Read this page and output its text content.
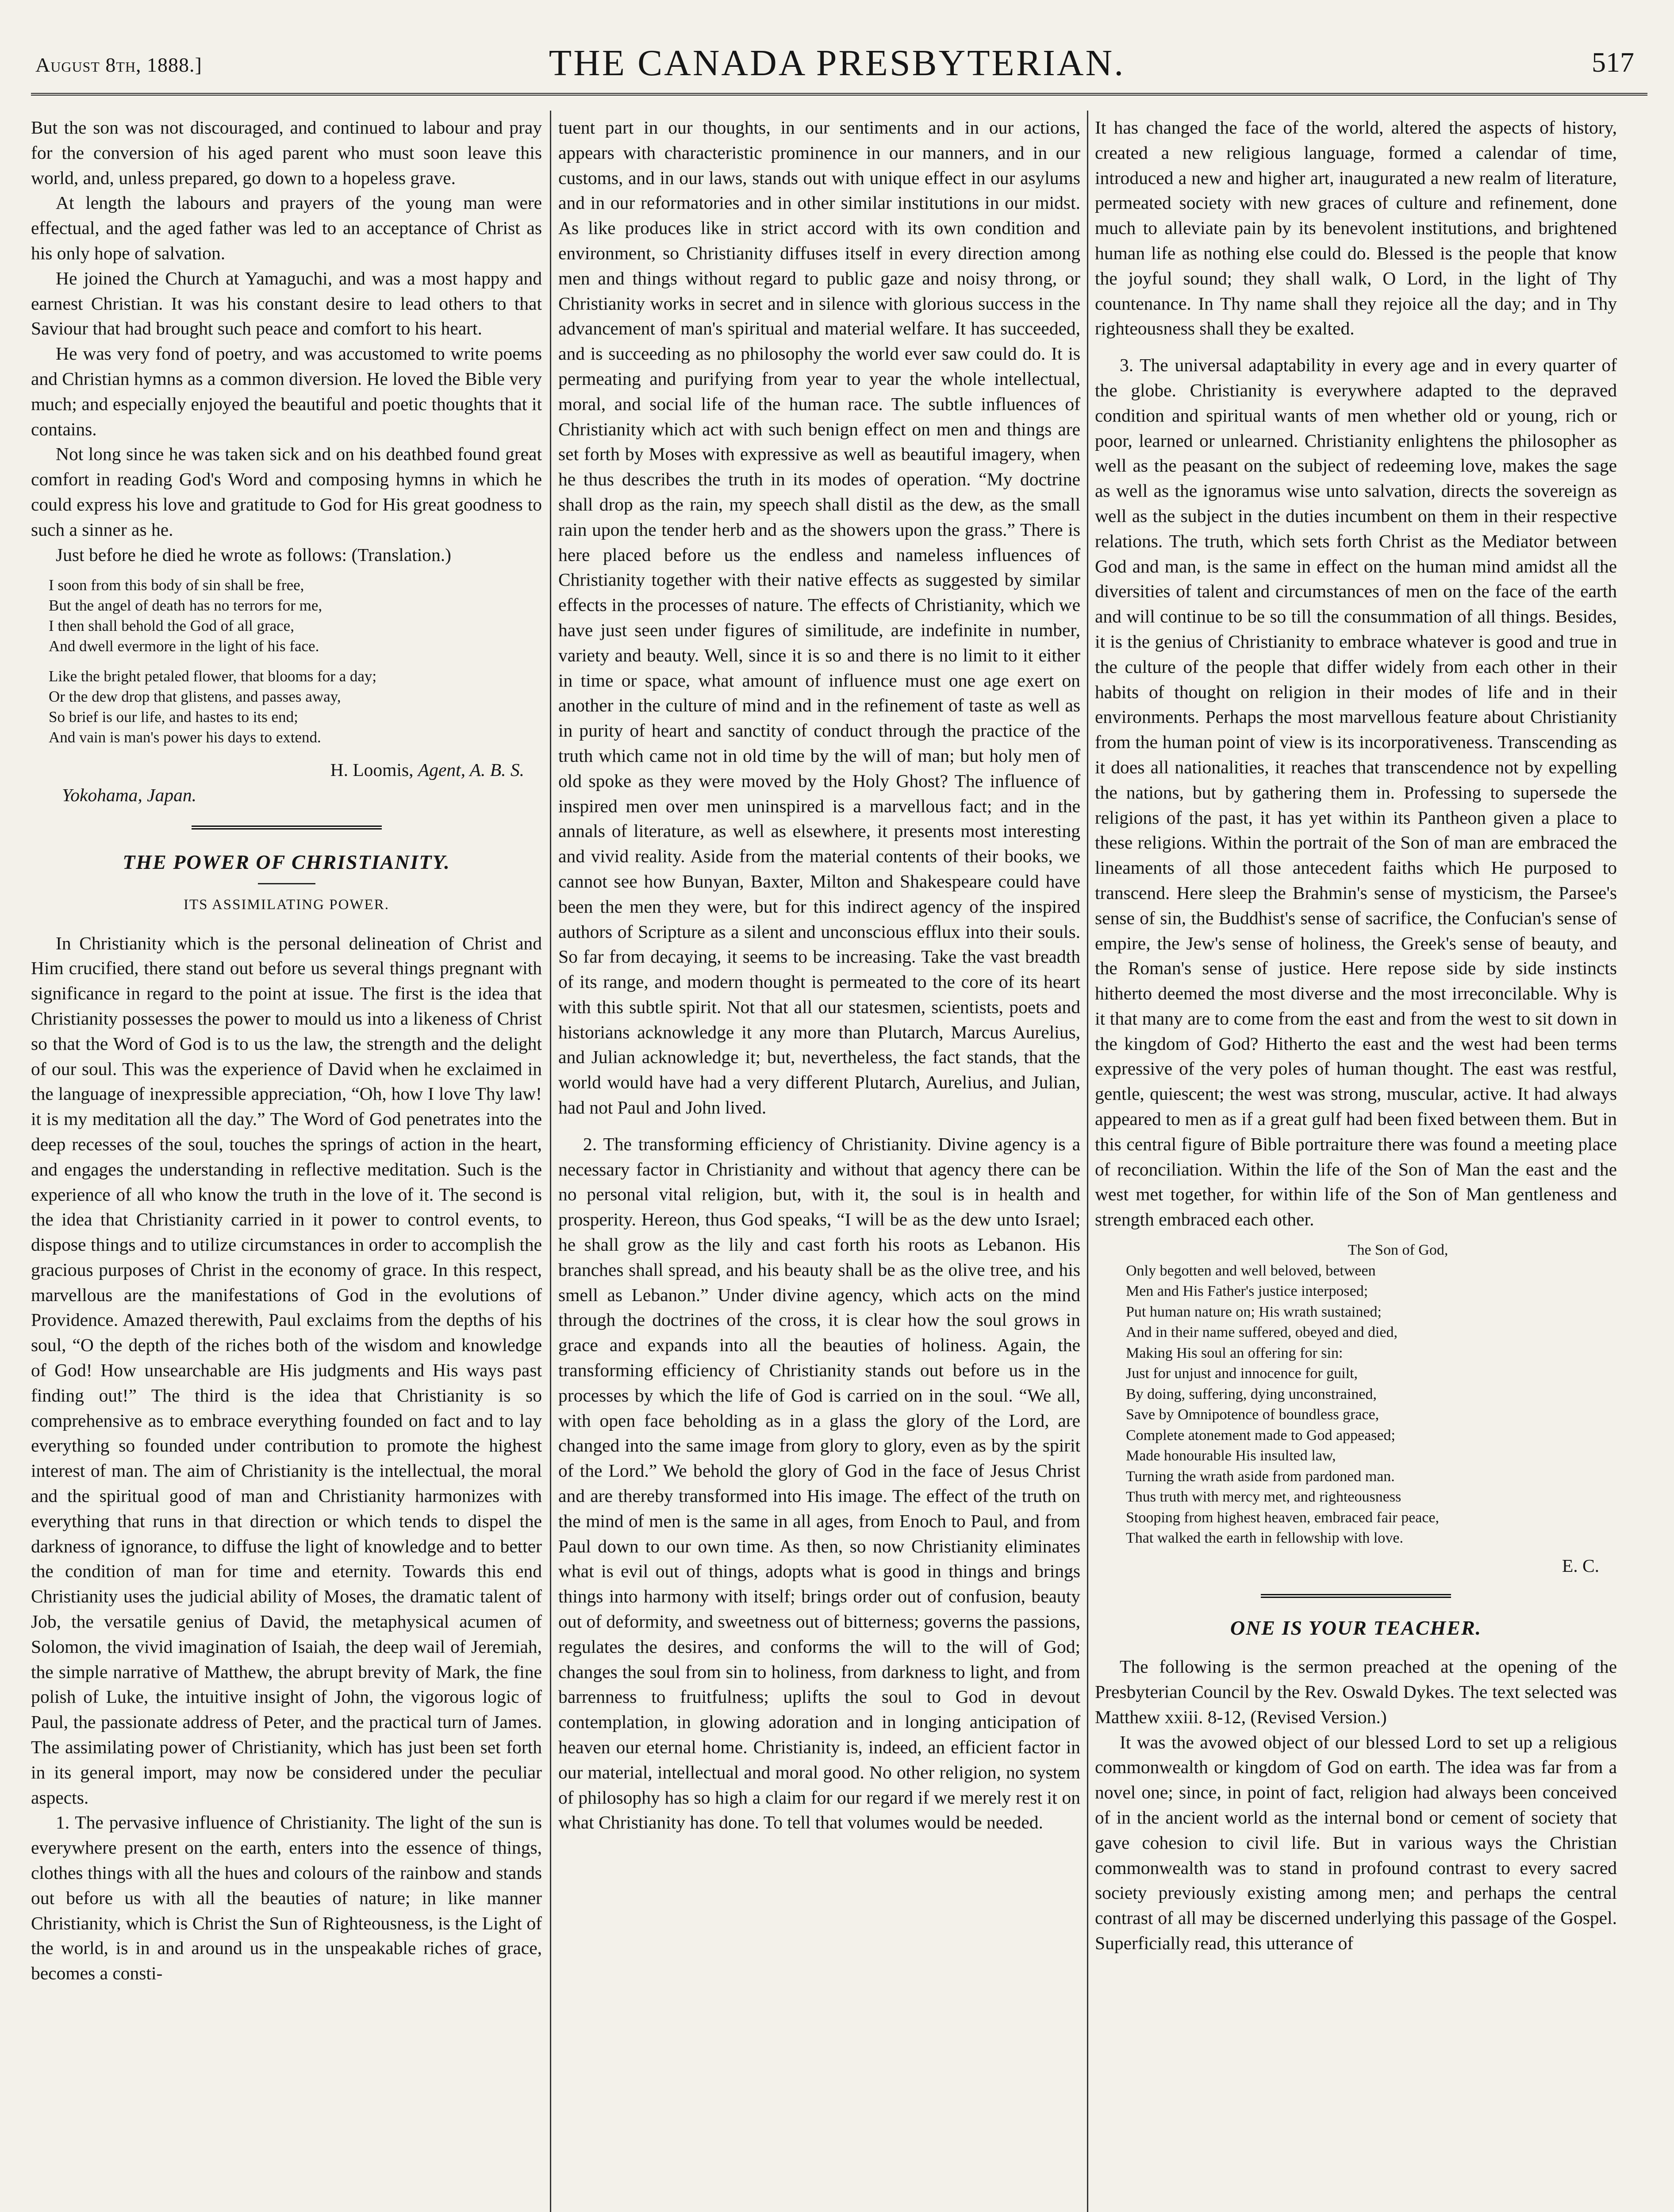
August 8th, 1888.]	THE CANADA PRESBYTERIAN.	517

But the son was not discouraged, and continued to labour and pray for the conversion of his aged parent who must soon leave this world, and, unless prepared, go down to a hopeless grave.

At length the labours and prayers of the young man were effectual, and the aged father was led to an acceptance of Christ as his only hope of salvation.

He joined the Church at Yamaguchi, and was a most happy and earnest Christian. It was his constant desire to lead others to that Saviour that had brought such peace and comfort to his heart.

He was very fond of poetry, and was accustomed to write poems and Christian hymns as a common diversion. He loved the Bible very much; and especially enjoyed the beautiful and poetic thoughts that it contains.

Not long since he was taken sick and on his deathbed found great comfort in reading God's Word and composing hymns in which he could express his love and gratitude to God for His great goodness to such a sinner as he.

Just before he died he wrote as follows: (Translation.)

I soon from this body of sin shall be free,
But the angel of death has no terrors for me,
I then shall behold the God of all grace,
And dwell evermore in the light of his face.
Like the bright petaled flower, that blooms for a day;
Or the dew drop that glistens, and passes away,
So brief is our life, and hastes to its end;
And vain is man's power his days to extend.
H. Loomis, Agent, A. B. S.
Yokohama, Japan.
THE POWER OF CHRISTIANITY.
ITS ASSIMILATING POWER.

In Christianity which is the personal delineation of Christ and Him crucified, there stand out before us several things pregnant with significance in regard to the point at issue. The first is the idea that Christianity possesses the power to mould us into a likeness of Christ so that the Word of God is to us the law, the strength and the delight of our soul. This was the experience of David when he exclaimed in the language of inexpressible appreciation, “Oh, how I love Thy law! it is my meditation all the day.” The Word of God penetrates into the deep recesses of the soul, touches the springs of action in the heart, and engages the understanding in reflective meditation. Such is the experience of all who know the truth in the love of it. The second is the idea that Christianity carried in it power to control events, to dispose things and to utilize circumstances in order to accomplish the gracious purposes of Christ in the economy of grace. In this respect, marvellous are the manifestations of God in the evolutions of Providence. Amazed therewith, Paul exclaims from the depths of his soul, “O the depth of the riches both of the wisdom and knowledge of God! How unsearchable are His judgments and His ways past finding out!” The third is the idea that Christianity is so comprehensive as to embrace everything founded on fact and to lay everything so founded under contribution to promote the highest interest of man. The aim of Christianity is the intellectual, the moral and the spiritual good of man and Christianity harmonizes with everything that runs in that direction or which tends to dispel the darkness of ignorance, to diffuse the light of knowledge and to better the condition of man for time and eternity. Towards this end Christianity uses the judicial ability of Moses, the dramatic talent of Job, the versatile genius of David, the metaphysical acumen of Solomon, the vivid imagination of Isaiah, the deep wail of Jeremiah, the simple narrative of Matthew, the abrupt brevity of Mark, the fine polish of Luke, the intuitive insight of John, the vigorous logic of Paul, the passionate address of Peter, and the practical turn of James. The assimilating power of Christianity, which has just been set forth in its general import, may now be considered under the peculiar aspects.

1. The pervasive influence of Christianity. The light of the sun is everywhere present on the earth, enters into the essence of things, clothes things with all the hues and colours of the rainbow and stands out before us with all the beauties of nature; in like manner Christianity, which is Christ the Sun of Righteousness, is the Light of the world, is in and around us in the unspeakable riches of grace, becomes a consti-

tuent part in our thoughts, in our sentiments and in our actions, appears with characteristic prominence in our manners, and in our customs, and in our laws, stands out with unique effect in our asylums and in our reformatories and in other similar institutions in our midst. As like produces like in strict accord with its own condition and environment, so Christianity diffuses itself in every direction among men and things without regard to public gaze and noisy throng, or Christianity works in secret and in silence with glorious success in the advancement of man's spiritual and material welfare. It has succeeded, and is succeeding as no philosophy the world ever saw could do. It is permeating and purifying from year to year the whole intellectual, moral, and social life of the human race. The subtle influences of Christianity which act with such benign effect on men and things are set forth by Moses with expressive as well as beautiful imagery, when he thus describes the truth in its modes of operation. “My doctrine shall drop as the rain, my speech shall distil as the dew, as the small rain upon the tender herb and as the showers upon the grass.” There is here placed before us the endless and nameless influences of Christianity together with their native effects as suggested by similar effects in the processes of nature. The effects of Christianity, which we have just seen under figures of similitude, are indefinite in number, variety and beauty. Well, since it is so and there is no limit to it either in time or space, what amount of influence must one age exert on another in the culture of mind and in the refinement of taste as well as in purity of heart and sanctity of conduct through the practice of the truth which came not in old time by the will of man; but holy men of old spoke as they were moved by the Holy Ghost? The influence of inspired men over men uninspired is a marvellous fact; and in the annals of literature, as well as elsewhere, it presents most interesting and vivid reality. Aside from the material contents of their books, we cannot see how Bunyan, Baxter, Milton and Shakespeare could have been the men they were, but for this indirect agency of the inspired authors of Scripture as a silent and unconscious efflux into their souls. So far from decaying, it seems to be increasing. Take the vast breadth of its range, and modern thought is permeated to the core of its heart with this subtle spirit. Not that all our statesmen, scientists, poets and historians acknowledge it any more than Plutarch, Marcus Aurelius, and Julian acknowledge it; but, nevertheless, the fact stands, that the world would have had a very different Plutarch, Aurelius, and Julian, had not Paul and John lived.

2. The transforming efficiency of Christianity. Divine agency is a necessary factor in Christianity and without that agency there can be no personal vital religion, but, with it, the soul is in health and prosperity. Hereon, thus God speaks, “I will be as the dew unto Israel; he shall grow as the lily and cast forth his roots as Lebanon. His branches shall spread, and his beauty shall be as the olive tree, and his smell as Lebanon.” Under divine agency, which acts on the mind through the doctrines of the cross, it is clear how the soul grows in grace and expands into all the beauties of holiness. Again, the transforming efficiency of Christianity stands out before us in the processes by which the life of God is carried on in the soul. “We all, with open face beholding as in a glass the glory of the Lord, are changed into the same image from glory to glory, even as by the spirit of the Lord.” We behold the glory of God in the face of Jesus Christ and are thereby transformed into His image. The effect of the truth on the mind of men is the same in all ages, from Enoch to Paul, and from Paul down to our own time. As then, so now Christianity eliminates what is evil out of things, adopts what is good in things and brings things into harmony with itself; brings order out of confusion, beauty out of deformity, and sweetness out of bitterness; governs the passions, regulates the desires, and conforms the will to the will of God; changes the soul from sin to holiness, from darkness to light, and from barrenness to fruitfulness; uplifts the soul to God in devout contemplation, in glowing adoration and in longing anticipation of heaven our eternal home. Christianity is, indeed, an efficient factor in our material, intellectual and moral good. No other religion, no system of philosophy has so high a claim for our regard if we merely rest it on what Christianity has done. To tell that volumes would be needed.

It has changed the face of the world, altered the aspects of history, created a new religious language, formed a calendar of time, introduced a new and higher art, inaugurated a new realm of literature, permeated society with new graces of culture and refinement, done much to alleviate pain by its benevolent institutions, and brightened human life as nothing else could do. Blessed is the people that know the joyful sound; they shall walk, O Lord, in the light of Thy countenance. In Thy name shall they rejoice all the day; and in Thy righteousness shall they be exalted.

3. The universal adaptability in every age and in every quarter of the globe. Christianity is everywhere adapted to the depraved condition and spiritual wants of men whether old or young, rich or poor, learned or unlearned. Christianity enlightens the philosopher as well as the peasant on the subject of redeeming love, makes the sage as well as the ignoramus wise unto salvation, directs the sovereign as well as the subject in the duties incumbent on them in their respective relations. The truth, which sets forth Christ as the Mediator between God and man, is the same in effect on the human mind amidst all the diversities of talent and circumstances of men on the face of the earth and will continue to be so till the consummation of all things. Besides, it is the genius of Christianity to embrace whatever is good and true in the culture of the people that differ widely from each other in their habits of thought on religion in their modes of life and in their environments. Perhaps the most marvellous feature about Christianity from the human point of view is its incorporativeness. Transcending as it does all nationalities, it reaches that transcendence not by expelling the nations, but by gathering them in. Professing to supersede the religions of the past, it has yet within its Pantheon given a place to these religions. Within the portrait of the Son of man are embraced the lineaments of all those antecedent faiths which He purposed to transcend. Here sleep the Brahmin's sense of mysticism, the Parsee's sense of sin, the Buddhist's sense of sacrifice, the Confucian's sense of empire, the Jew's sense of holiness, the Greek's sense of beauty, and the Roman's sense of justice. Here repose side by side instincts hitherto deemed the most diverse and the most irreconcilable. Why is it that many are to come from the east and from the west to sit down in the kingdom of God? Hitherto the east and the west had been terms expressive of the very poles of human thought. The east was restful, gentle, quiescent; the west was strong, muscular, active. It had always appeared to men as if a great gulf had been fixed between them. But in this central figure of Bible portraiture there was found a meeting place of reconciliation. Within the life of the Son of Man the east and the west met together, for within life of the Son of Man gentleness and strength embraced each other.

The Son of God,
Only begotten and well beloved, between
Men and His Father's justice interposed;
Put human nature on; His wrath sustained;
And in their name suffered, obeyed and died,
Making His soul an offering for sin:
Just for unjust and innocence for guilt,
By doing, suffering, dying unconstrained,
Save by Omnipotence of boundless grace,
Complete atonement made to God appeased;
Made honourable His insulted law,
Turning the wrath aside from pardoned man.
Thus truth with mercy met, and righteousness
Stooping from highest heaven, embraced fair peace,
That walked the earth in fellowship with love.
E. C.
ONE IS YOUR TEACHER.

The following is the sermon preached at the opening of the Presbyterian Council by the Rev. Oswald Dykes. The text selected was Matthew xxiii. 8-12, (Revised Version.)

It was the avowed object of our blessed Lord to set up a religious commonwealth or kingdom of God on earth. The idea was far from a novel one; since, in point of fact, religion had always been conceived of in the ancient world as the internal bond or cement of society that gave cohesion to civil life. But in various ways the Christian commonwealth was to stand in profound contrast to every sacred society previously existing among men; and perhaps the central contrast of all may be discerned underlying this passage of the Gospel. Superficially read, this utterance of
